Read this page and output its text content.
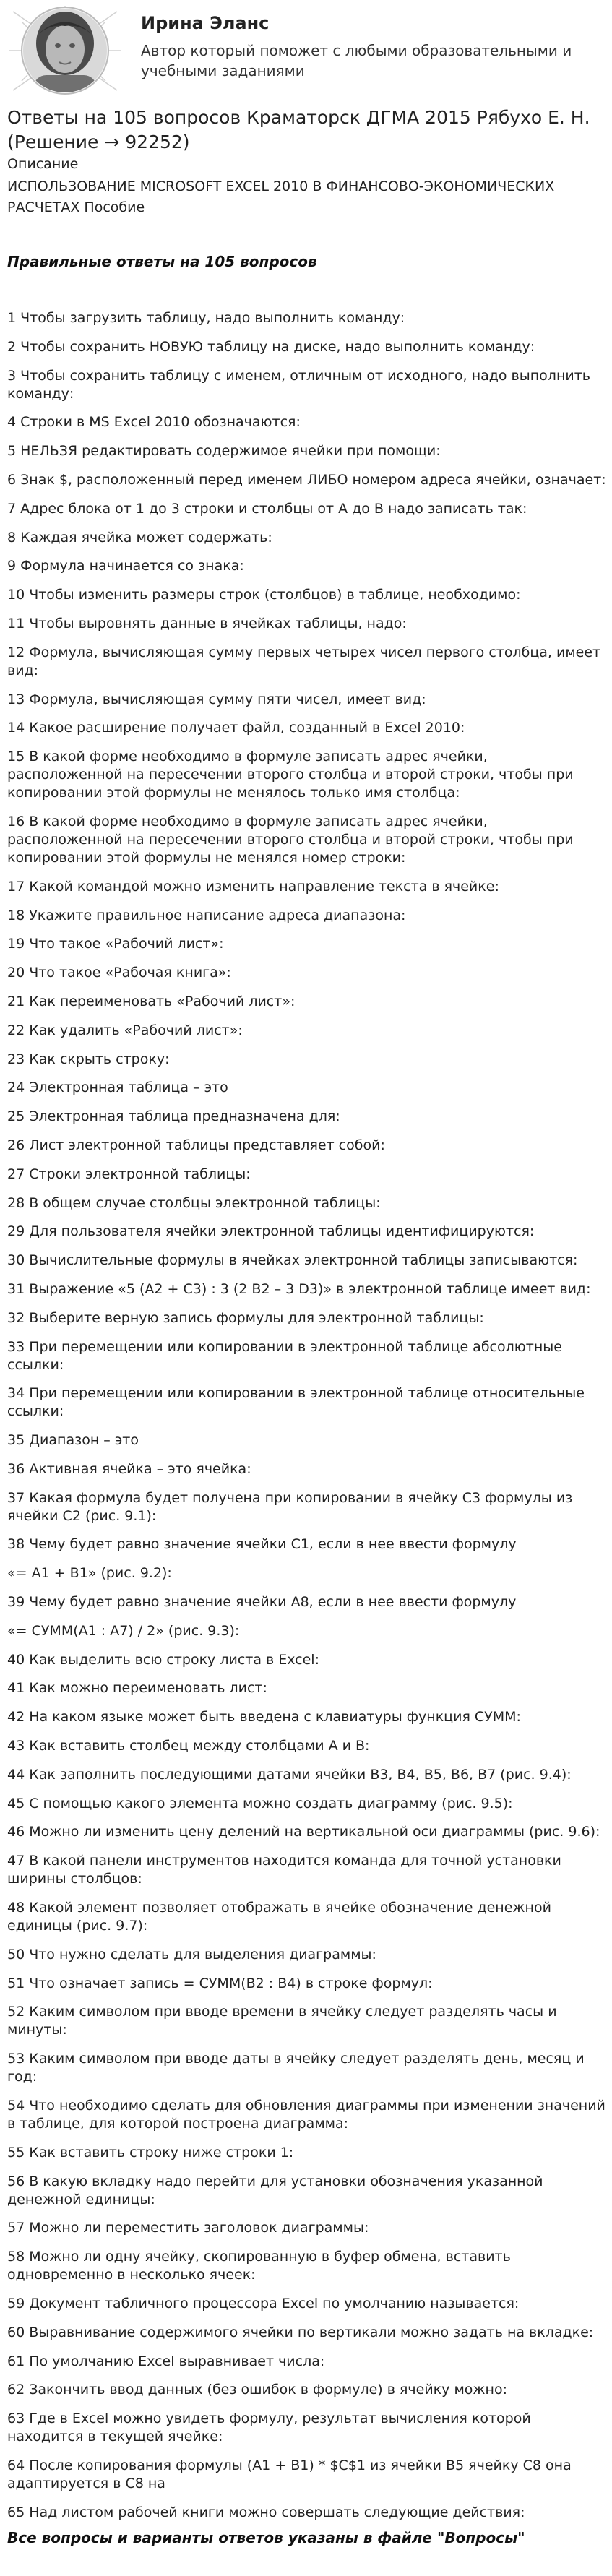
Ирина Эланс
Автор который поможет с любыми образовательными и учебными заданиями
Ответы на 105 вопросов Краматорск ДГМА 2015 Рябухо Е. Н. (Решение → 92252)
Описание
ИСПОЛЬЗОВАНИЕ MICROSOFT EXCEL 2010 В ФИНАНСОВО-ЭКОНОМИЧЕСКИХ РАСЧЕТАХ Пособие
Правильные ответы на 105 вопросов
1 Чтобы загрузить таблицу, надо выполнить команду:
2 Чтобы сохранить НОВУЮ таблицу на диске, надо выполнить команду:
3 Чтобы сохранить таблицу с именем, отличным от исходного, надо выполнить команду:
4 Строки в MS Excel 2010 обозначаются:
5 НЕЛЬЗЯ редактировать содержимое ячейки при помощи:
6 Знак $, расположенный перед именем ЛИБО номером адреса ячейки, означает:
7 Адрес блока от 1 до 3 строки и столбцы от А до В надо записать так:
8 Каждая ячейка может содержать:
9 Формула начинается со знака:
10 Чтобы изменить размеры строк (столбцов) в таблице, необходимо:
11 Чтобы выровнять данные в ячейках таблицы, надо:
12 Формула, вычисляющая сумму первых четырех чисел первого столбца, имеет вид:
13 Формула, вычисляющая сумму пяти чисел, имеет вид:
14 Какое расширение получает файл, созданный в Excel 2010:
15 В какой форме необходимо в формуле записать адрес ячейки, расположенной на пересечении второго столбца и второй строки, чтобы при копировании этой формулы не менялось только имя столбца:
16 В какой форме необходимо в формуле записать адрес ячейки, расположенной на пересечении второго столбца и второй строки, чтобы при копировании этой формулы не менялся номер строки:
17 Какой командой можно изменить направление текста в ячейке:
18 Укажите правильное написание адреса диапазона:
19 Что такое «Рабочий лист»:
20 Что такое «Рабочая книга»:
21 Как переименовать «Рабочий лист»:
22 Как удалить «Рабочий лист»:
23 Как скрыть строку:
24 Электронная таблица – это
25 Электронная таблица предназначена для:
26 Лист электронной таблицы представляет собой:
27 Строки электронной таблицы:
28 В общем случае столбцы электронной таблицы:
29 Для пользователя ячейки электронной таблицы идентифицируются:
30 Вычислительные формулы в ячейках электронной таблицы записываются:
31 Выражение «5 (A2 + C3) : 3 (2 B2 – 3 D3)» в электронной таблице имеет вид:
32 Выберите верную запись формулы для электронной таблицы:
33 При перемещении или копировании в электронной таблице абсолютные ссылки:
34 При перемещении или копировании в электронной таблице относительные ссылки:
35 Диапазон – это
36 Активная ячейка – это ячейка:
37 Какая формула будет получена при копировании в ячейку С3 формулы из ячейки С2 (рис. 9.1):
38 Чему будет равно значение ячейки С1, если в нее ввести формулу
«= А1 + B1» (рис. 9.2):
39 Чему будет равно значение ячейки A8, если в нее ввести формулу
«= СУММ(A1 : A7) / 2» (рис. 9.3):
40 Как выделить всю строку листа в Excel:
41 Как можно переименовать лист:
42 На каком языке может быть введена с клавиатуры функция СУММ:
43 Как вставить столбец между столбцами А и В:
44 Как заполнить последующими датами ячейки B3, B4, B5, B6, B7 (рис. 9.4):
45 С помощью какого элемента можно создать диаграмму (рис. 9.5):
46 Можно ли изменить цену делений на вертикальной оси диаграммы (рис. 9.6):
47 В какой панели инструментов находится команда для точной установки ширины столбцов:
48 Какой элемент позволяет отображать в ячейке обозначение денежной единицы (рис. 9.7):
50 Что нужно сделать для выделения диаграммы:
51 Что означает запись = СУММ(B2 : B4) в строке формул:
52 Каким символом при вводе времени в ячейку следует разделять часы и минуты:
53 Каким символом при вводе даты в ячейку следует разделять день, месяц и год:
54 Что необходимо сделать для обновления диаграммы при изменении значений в таблице, для которой построена диаграмма:
55 Как вставить строку ниже строки 1:
56 В какую вкладку надо перейти для установки обозначения указанной денежной единицы:
57 Можно ли переместить заголовок диаграммы:
58 Можно ли одну ячейку, скопированную в буфер обмена, вставить одновременно в несколько ячеек:
59 Документ табличного процессора Excel по умолчанию называется:
60 Выравнивание содержимого ячейки по вертикали можно задать на вкладке:
61 По умолчанию Excel выравнивает числа:
62 Закончить ввод данных (без ошибок в формуле) в ячейку можно:
63 Где в Excel можно увидеть формулу, результат вычисления которой находится в текущей ячейке:
64 После копирования формулы (A1 + B1) * $C$1 из ячейки B5 ячейку C8 она адаптируется в C8 на
65 Над листом рабочей книги можно совершать следующие действия:
Все вопросы и варианты ответов указаны в файле "Вопросы"
